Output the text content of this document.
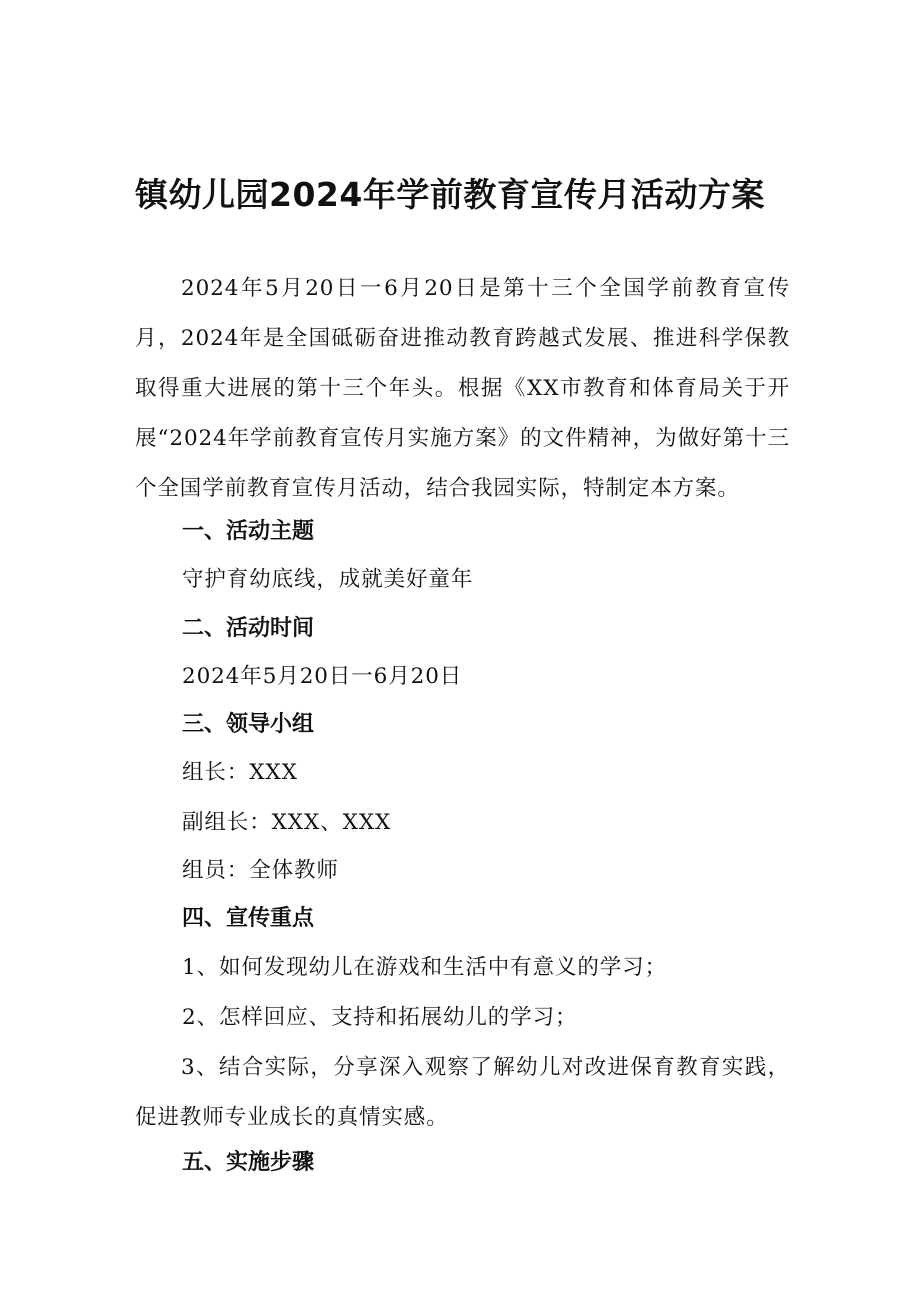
镇幼儿园2024年学前教育宣传月活动方案
2024年5月20日一6月20日是第十三个全国学前教育宣传月，2024年是全国砥砺奋进推动教育跨越式发展、推进科学保教取得重大进展的第十三个年头。根据《XX市教育和体育局关于开展“2024年学前教育宣传月实施方案》的文件精神，为做好第十三个全国学前教育宣传月活动，结合我园实际，特制定本方案。
一、活动主题
守护育幼底线，成就美好童年
二、活动时间
2024年5月20日一6月20日
三、领导小组
组长：XXX
副组长：XXX、XXX
组员：全体教师
四、宣传重点
1、如何发现幼儿在游戏和生活中有意义的学习；
2、怎样回应、支持和拓展幼儿的学习；
3、结合实际，分享深入观察了解幼儿对改进保育教育实践，促进教师专业成长的真情实感。
五、实施步骤
